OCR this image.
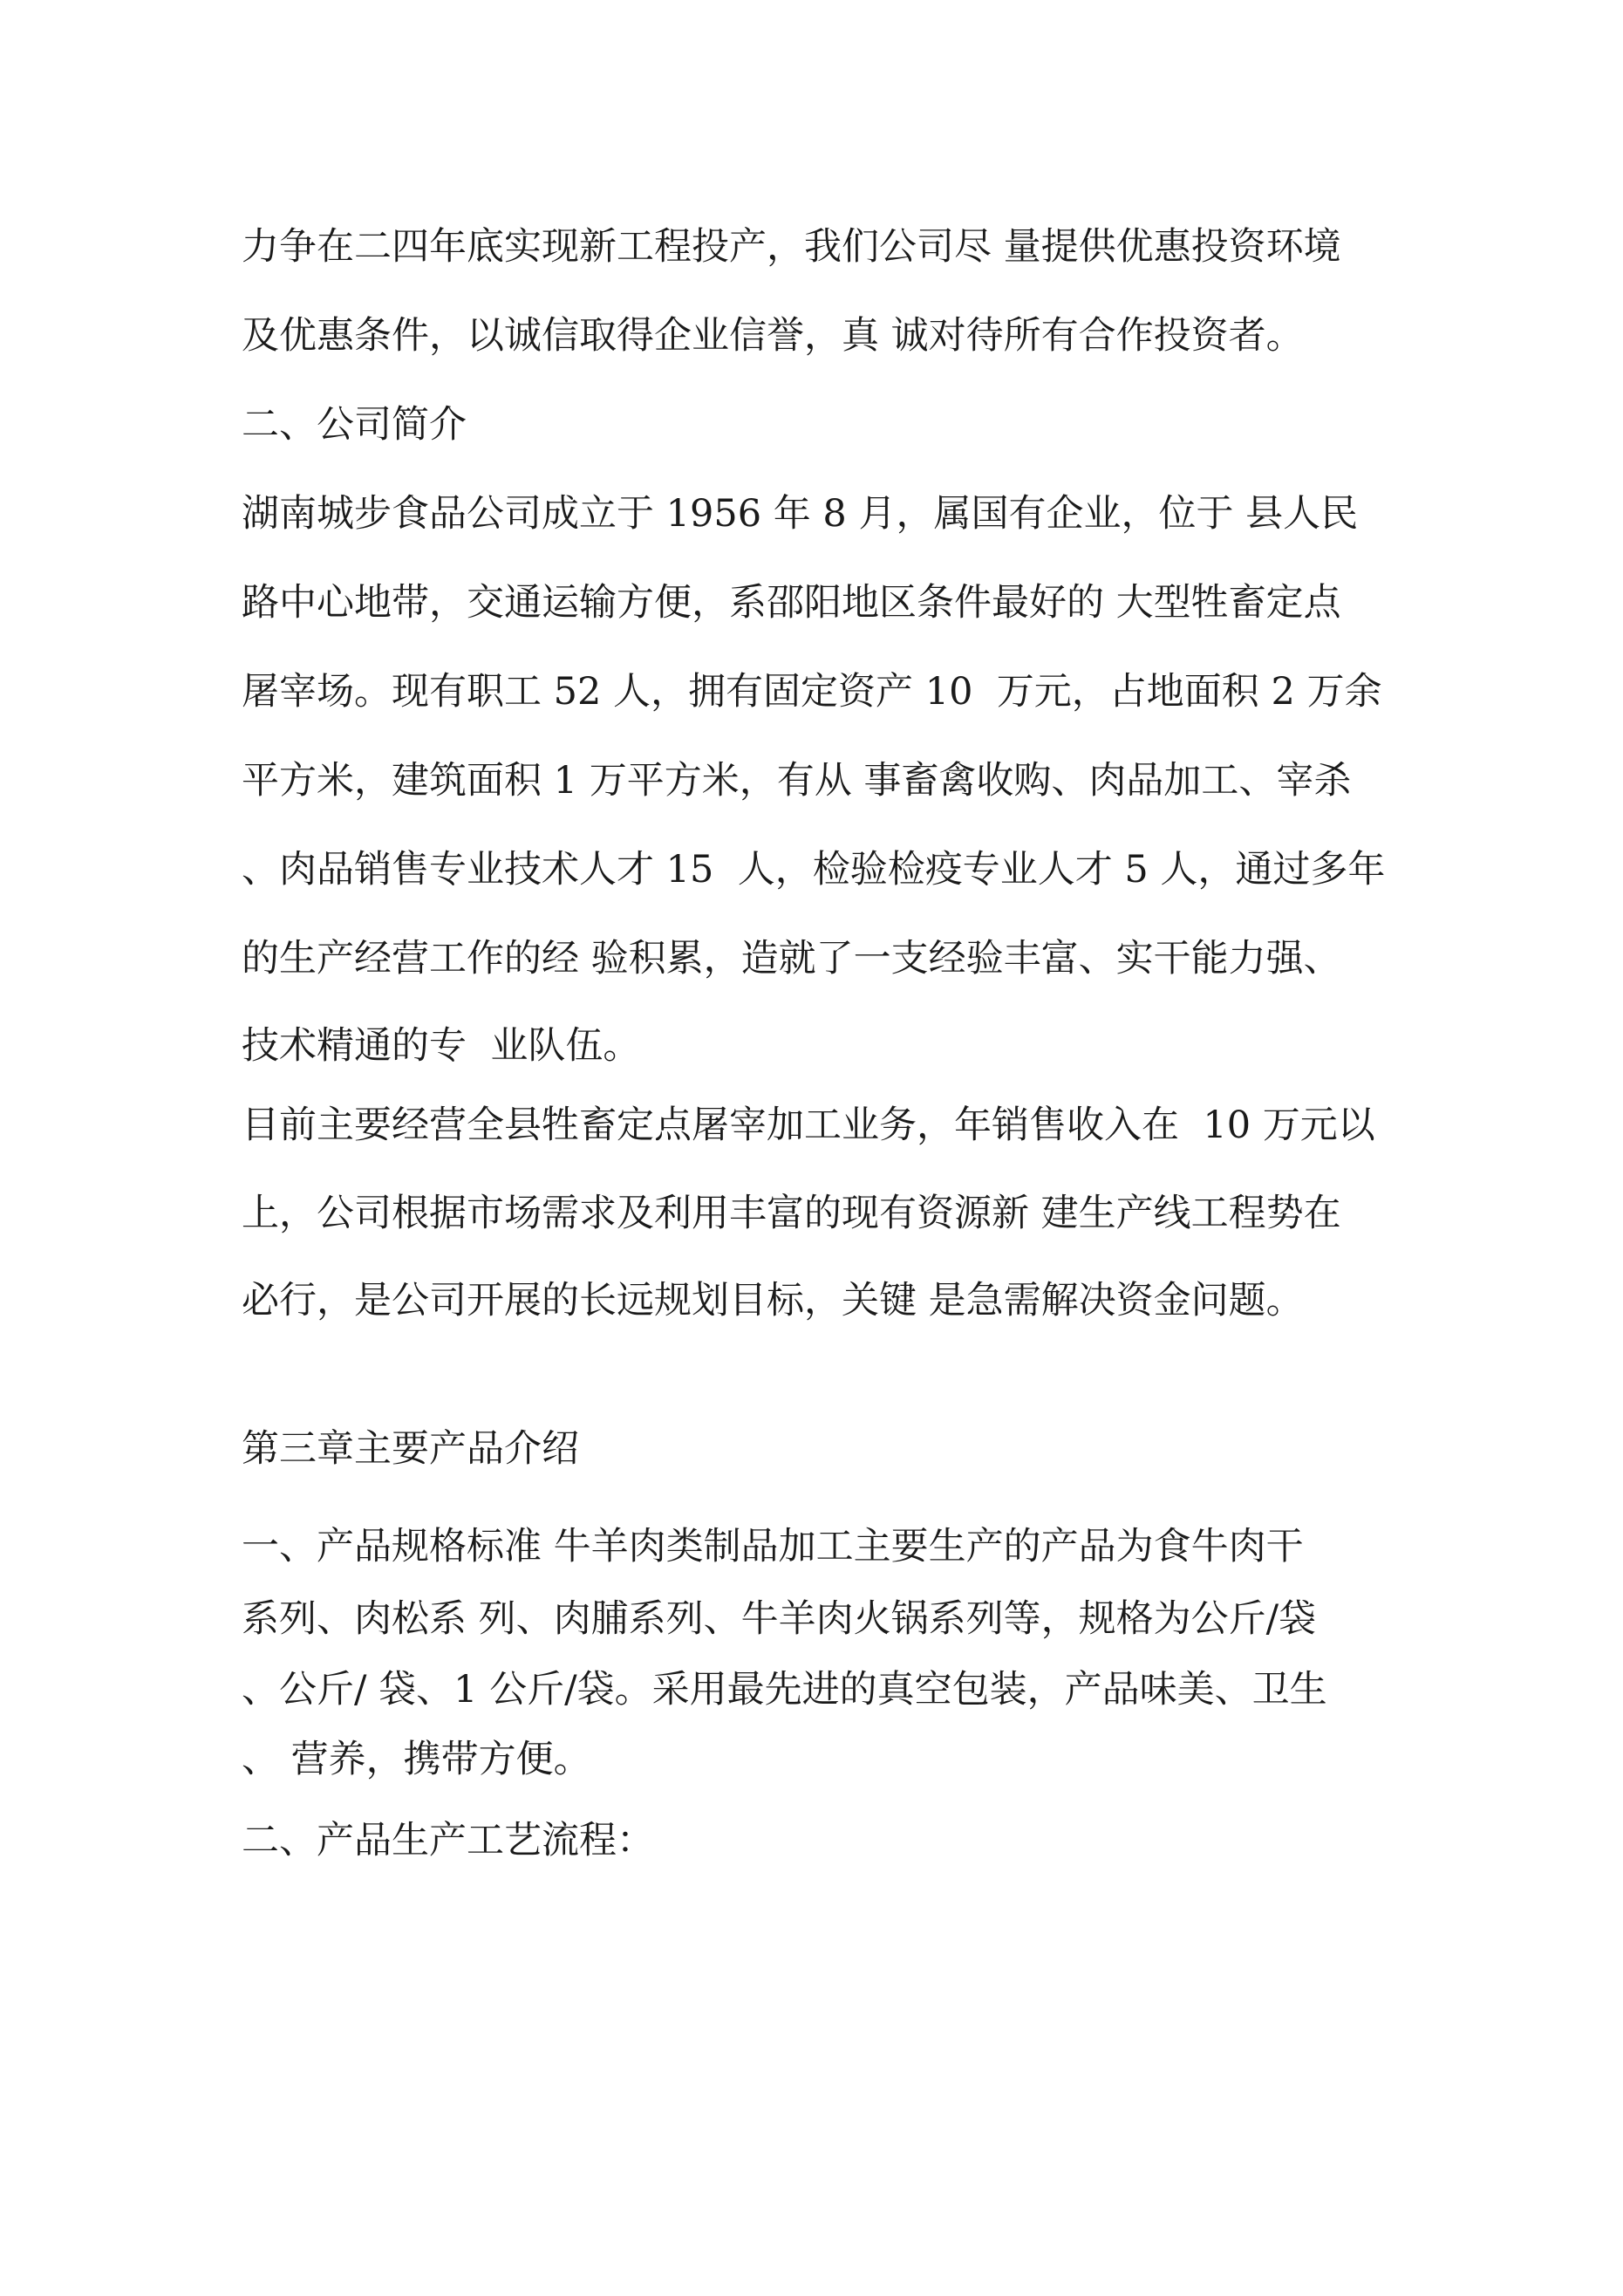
力争在二四年底实现新工程投产，我们公司尽 量提供优惠投资环境

及优惠条件，以诚信取得企业信誉，真 诚对待所有合作投资者。

二、公司简介

湖南城步食品公司成立于 1956 年 8 月，属国有企业，位于 县人民

路中心地带，交通运输方便，系邵阳地区条件最好的 大型牲畜定点

屠宰场。现有职工 52 人，拥有固定资产 10  万元，占地面积 2 万余

平方米，建筑面积 1 万平方米，有从 事畜禽收购、肉品加工、宰杀

、肉品销售专业技术人才 15  人，检验检疫专业人才 5 人，通过多年

的生产经营工作的经 验积累，造就了一支经验丰富、实干能力强、

技术精通的专  业队伍。

目前主要经营全县牲畜定点屠宰加工业务，年销售收入在  10 万元以

上，公司根据市场需求及利用丰富的现有资源新 建生产线工程势在

必行，是公司开展的长远规划目标，关键 是急需解决资金问题。

第三章主要产品介绍

一、产品规格标准 牛羊肉类制品加工主要生产的产品为食牛肉干

系列、肉松系 列、肉脯系列、牛羊肉火锅系列等，规格为公斤/袋

、公斤/ 袋、1 公斤/袋。采用最先进的真空包装，产品味美、卫生

、 营养，携带方便。

二、产品生产工艺流程：
